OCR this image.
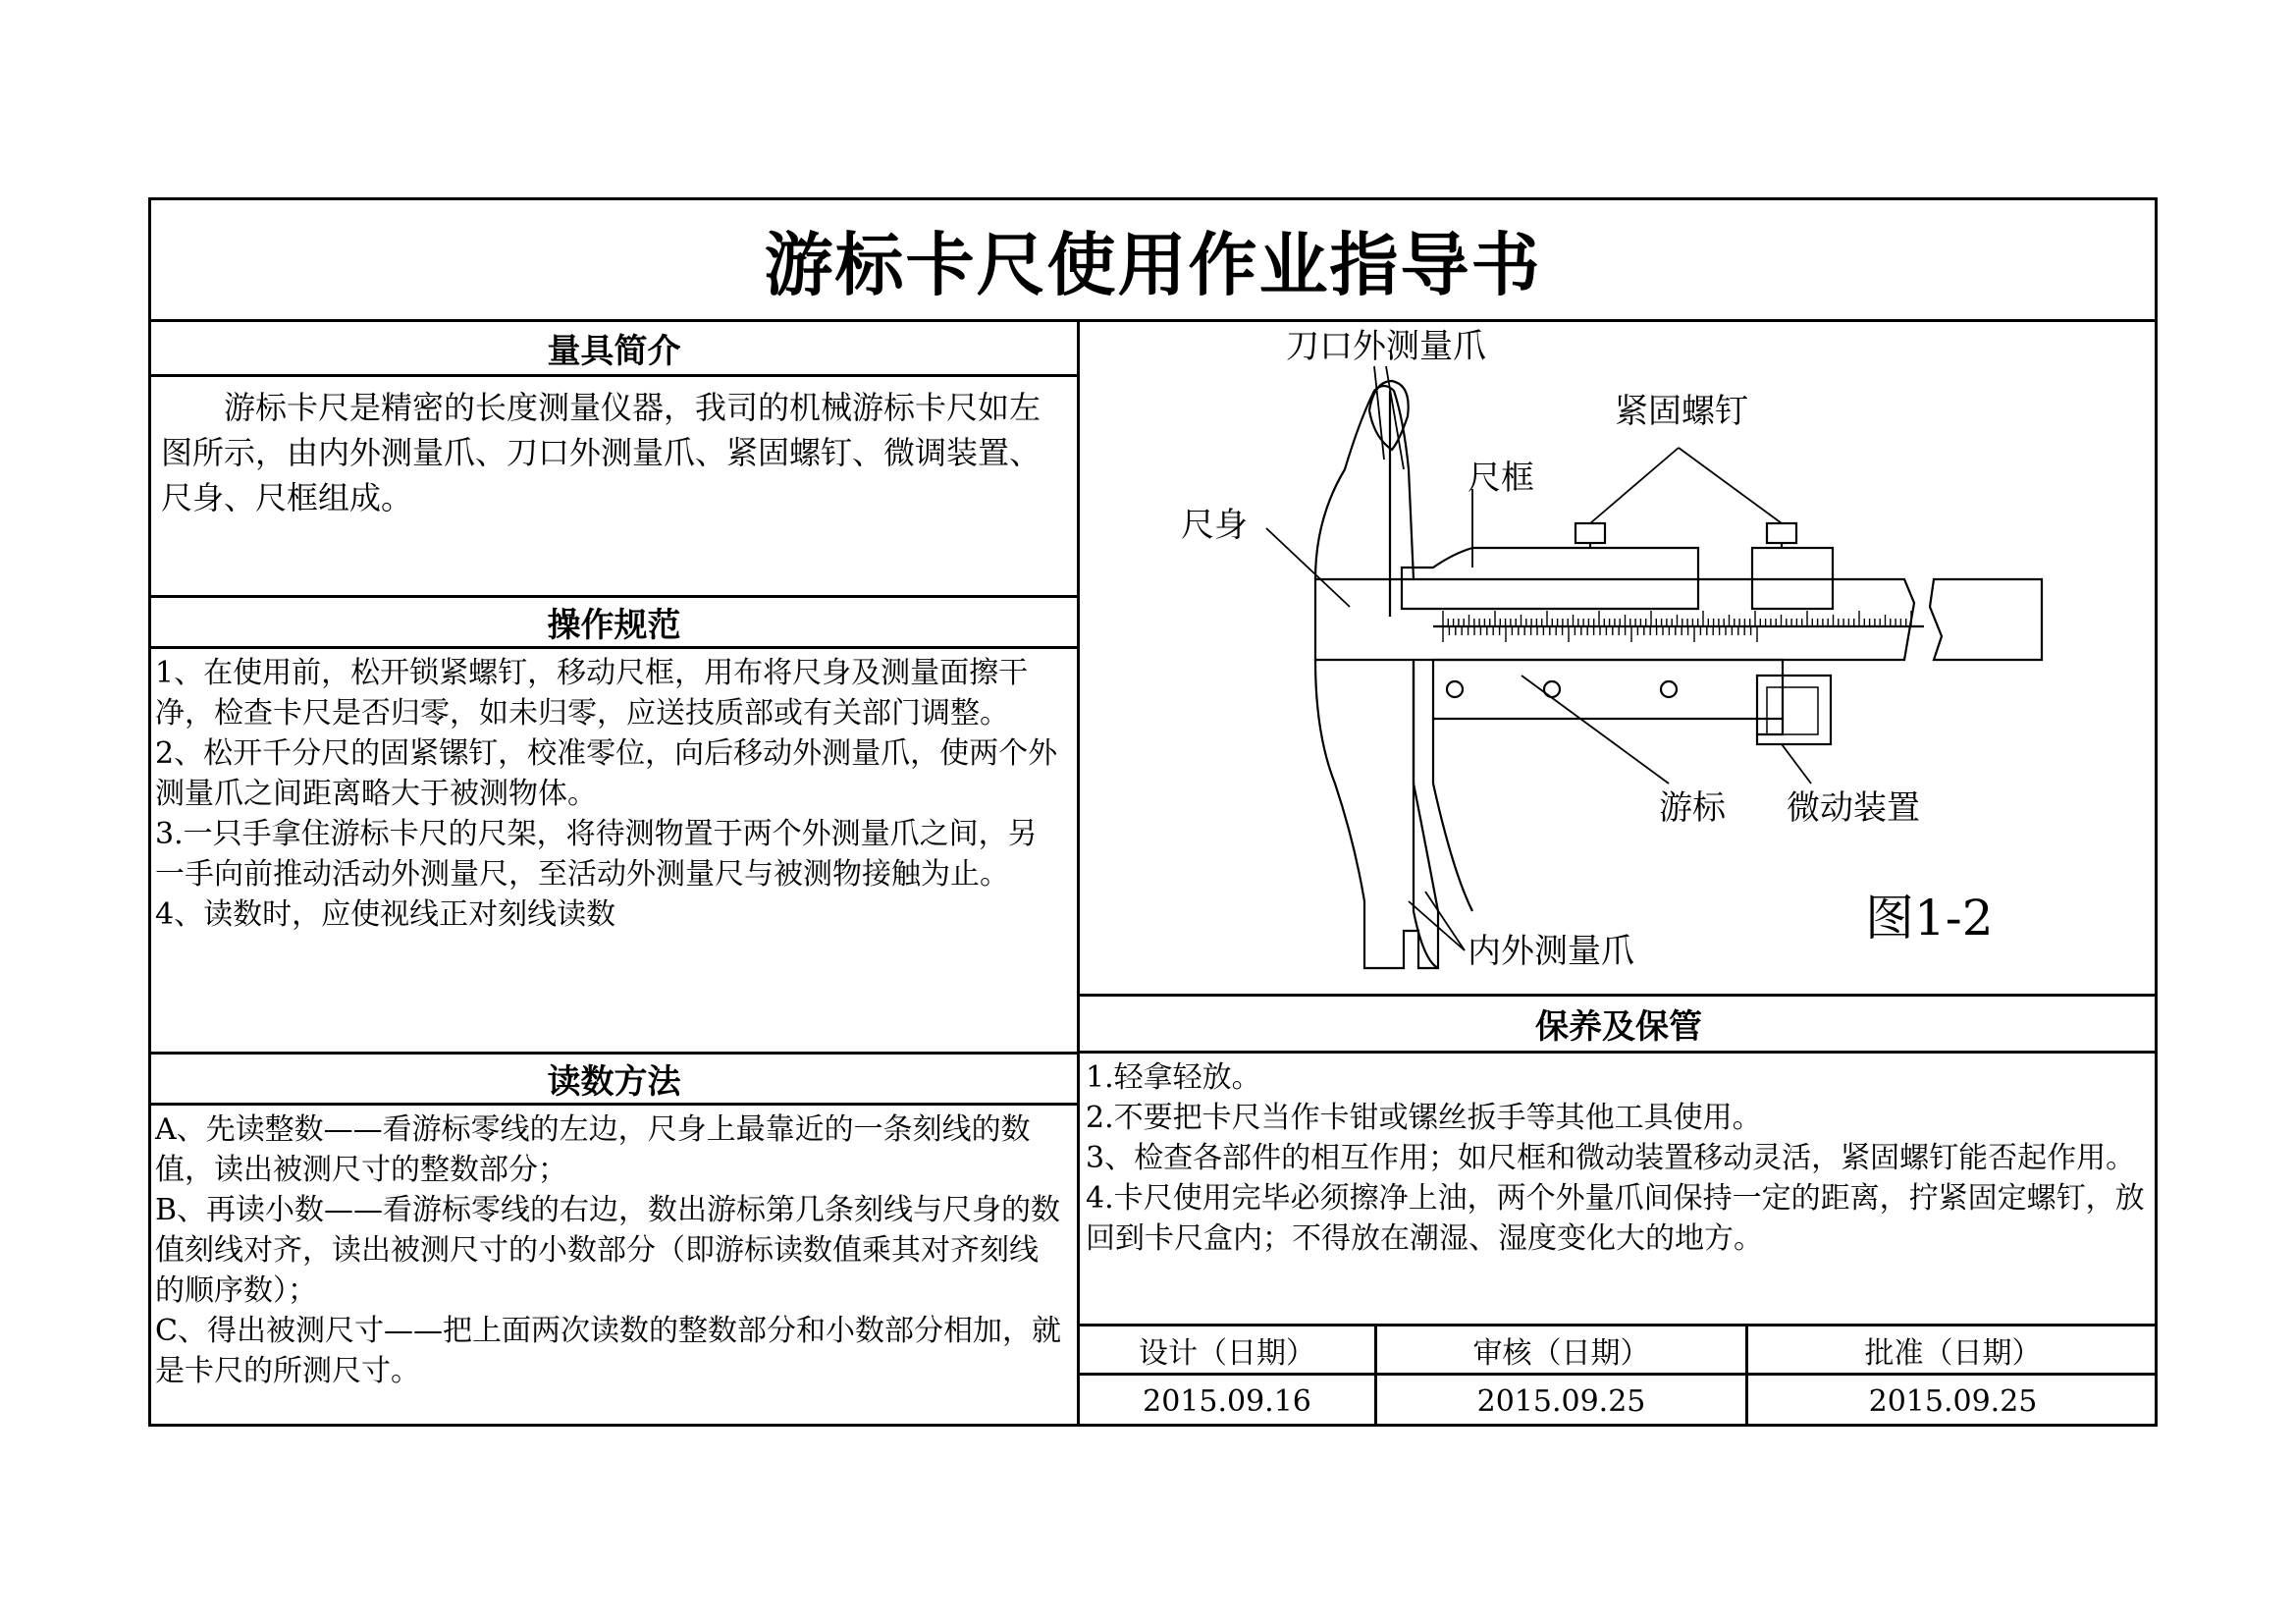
游标卡尺使用作业指导书
量具简介
游标卡尺是精密的长度测量仪器，我司的机械游标卡尺如左图所示，由内外测量爪、刀口外测量爪、紧固螺钉、微调装置、尺身、尺框组成。
操作规范

1、在使用前，松开锁紧螺钉，移动尺框，用布将尺身及测量面擦干净，检查卡尺是否归零，如未归零，应送技质部或有关部门调整。

2、松开千分尺的固紧镙钉，校准零位，向后移动外测量爪，使两个外测量爪之间距离略大于被测物体。

3.一只手拿住游标卡尺的尺架，将待测物置于两个外测量爪之间，另一手向前推动活动外测量尺，至活动外测量尺与被测物接触为止。

4、读数时，应使视线正对刻线读数

读数方法

A、先读整数——看游标零线的左边，尺身上最靠近的一条刻线的数值，读出被测尺寸的整数部分；

B、再读小数——看游标零线的右边，数出游标第几条刻线与尺身的数值刻线对齐，读出被测尺寸的小数部分（即游标读数值乘其对齐刻线的顺序数）；

C、得出被测尺寸——把上面两次读数的整数部分和小数部分相加，就是卡尺的所测尺寸。

刀口外测量爪
紧固螺钉
尺框
尺身
游标 微动装置
内外测量爪
图1-2
保养及保管

1.轻拿轻放。

2.不要把卡尺当作卡钳或镙丝扳手等其他工具使用。

3、检查各部件的相互作用；如尺框和微动装置移动灵活，紧固螺钉能否起作用。

4.卡尺使用完毕必须擦净上油，两个外量爪间保持一定的距离，拧紧固定螺钉，放回到卡尺盒内；不得放在潮湿、湿度变化大的地方。

设计（日期）	审核（日期）	批准（日期）
2015.09.16	2015.09.25	2015.09.25
